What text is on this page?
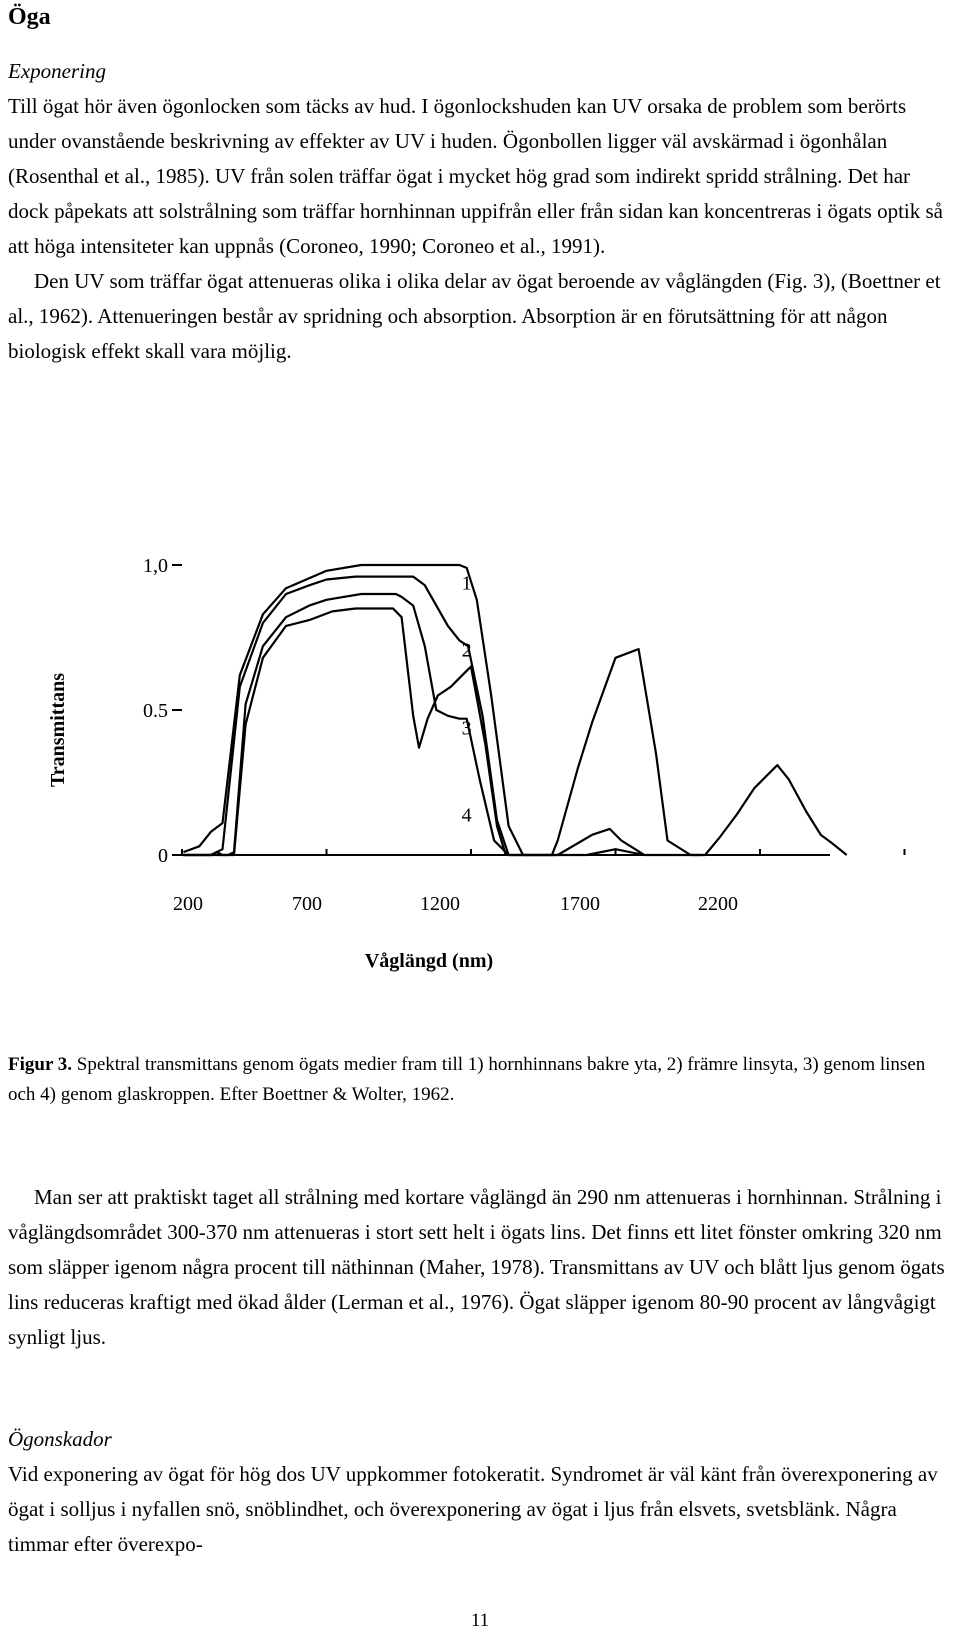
Öga
Exponering

Till ögat hör även ögonlocken som täcks av hud. I ögonlockshuden kan UV orsaka de problem som berörts under ovanstående beskrivning av effekter av UV i huden. Ögonbollen ligger väl avskärmad i ögonhålan (Rosenthal et al., 1985). UV från solen träffar ögat i mycket hög grad som indirekt spridd strålning. Det har dock påpekats att solstrålning som träffar hornhinnan uppifrån eller från sidan kan koncentreras i ögats optik så att höga intensiteter kan uppnås (Coroneo, 1990; Coroneo et al., 1991).

Den UV som träffar ögat attenueras olika i olika delar av ögat beroende av våglängden (Fig. 3), (Boettner et al., 1962). Attenueringen består av spridning och absorption. Absorption är en förutsättning för att någon biologisk effekt skall vara möjlig.

0
0.5
1,0
200	700	1200	1700	2200
Våglängd (nm)
Transmittans
1
2
3
4
Figur 3. Spektral transmittans genom ögats medier fram till 1) hornhinnans bakre yta, 2) främre linsyta, 3) genom linsen och 4) genom glaskroppen. Efter Boettner & Wolter, 1962.

Man ser att praktiskt taget all strålning med kortare våglängd än 290 nm attenueras i hornhinnan. Strålning i våglängdsområdet 300-370 nm attenueras i stort sett helt i ögats lins. Det finns ett litet fönster omkring 320 nm som släpper igenom några procent till näthinnan (Maher, 1978). Transmittans av UV och blått ljus genom ögats lins reduceras kraftigt med ökad ålder (Lerman et al., 1976). Ögat släpper igenom 80-90 procent av långvågigt synligt ljus.

Ögonskador

Vid exponering av ögat för hög dos UV uppkommer fotokeratit. Syndromet är väl känt från överexponering av ögat i solljus i nyfallen snö, snöblindhet, och överexponering av ögat i ljus från elsvets, svetsblänk. Några timmar efter överexpo-

11
